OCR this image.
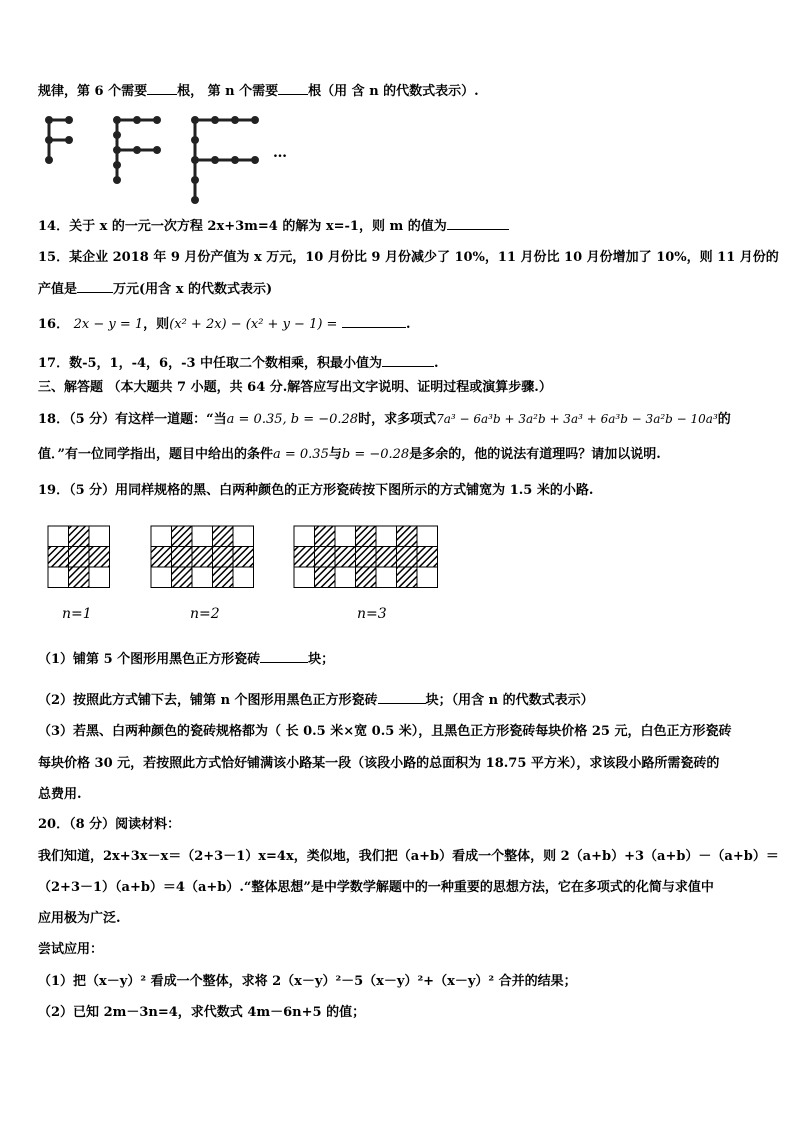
规律，第 6 个需要 根， 第 n 个需要 根（用 含 n 的代数式表示）.
…
14．关于 x 的一元一次方程 2x+3m=4 的解为 x=-1，则 m 的值为
15．某企业 2018 年 9 月份产值为 x 万元，10 月份比 9 月份减少了 10%，11 月份比 10 月份增加了 10%，则 11 月份的
产值是	万元(用含 x 的代数式表示)
16． 2x − y = 1，则(x² + 2x) − (x² + y − 1) =	.
17．数-5，1，-4，6，-3 中任取二个数相乘，积最小值为	.
三、解答题 （本大题共 7 小题，共 64 分.解答应写出文字说明、证明过程或演算步骤.）
18．（5 分）有这样一道题：“当a = 0.35, b = −0.28时，求多项式7a³ − 6a³b + 3a²b + 3a³ + 6a³b − 3a²b − 10a³的
值．”有一位同学指出，题目中给出的条件a = 0.35与b = −0.28是多余的，他的说法有道理吗？请加以说明.
19．（5 分）用同样规格的黑、白两种颜色的正方形瓷砖按下图所示的方式铺宽为 1.5 米的小路.
n=1	n=2	n=3
（1）铺第 5 个图形用黑色正方形瓷砖	块；
（2）按照此方式铺下去，铺第 n 个图形用黑色正方形瓷砖	块；（用含 n 的代数式表示）
（3）若黑、白两种颜色的瓷砖规格都为（ 长 0.5 米×宽 0.5 米），且黑色正方形瓷砖每块价格 25 元，白色正方形瓷砖
每块价格 30 元，若按照此方式恰好铺满该小路某一段（该段小路的总面积为 18.75 平方米），求该段小路所需瓷砖的
总费用.
20．（8 分）阅读材料：
我们知道，2x+3x－x＝（2+3－1）x=4x，类似地，我们把（a+b）看成一个整体，则 2（a+b）+3（a+b）－（a+b）＝
（2+3－1）（a+b）＝4（a+b）.“整体思想”是中学数学解题中的一种重要的思想方法，它在多项式的化简与求值中
应用极为广泛.
尝试应用：
（1）把（x－y）² 看成一个整体，求将 2（x－y）²－5（x－y）²+（x－y）² 合并的结果；
（2）已知 2m－3n=4，求代数式 4m－6n+5 的值；
